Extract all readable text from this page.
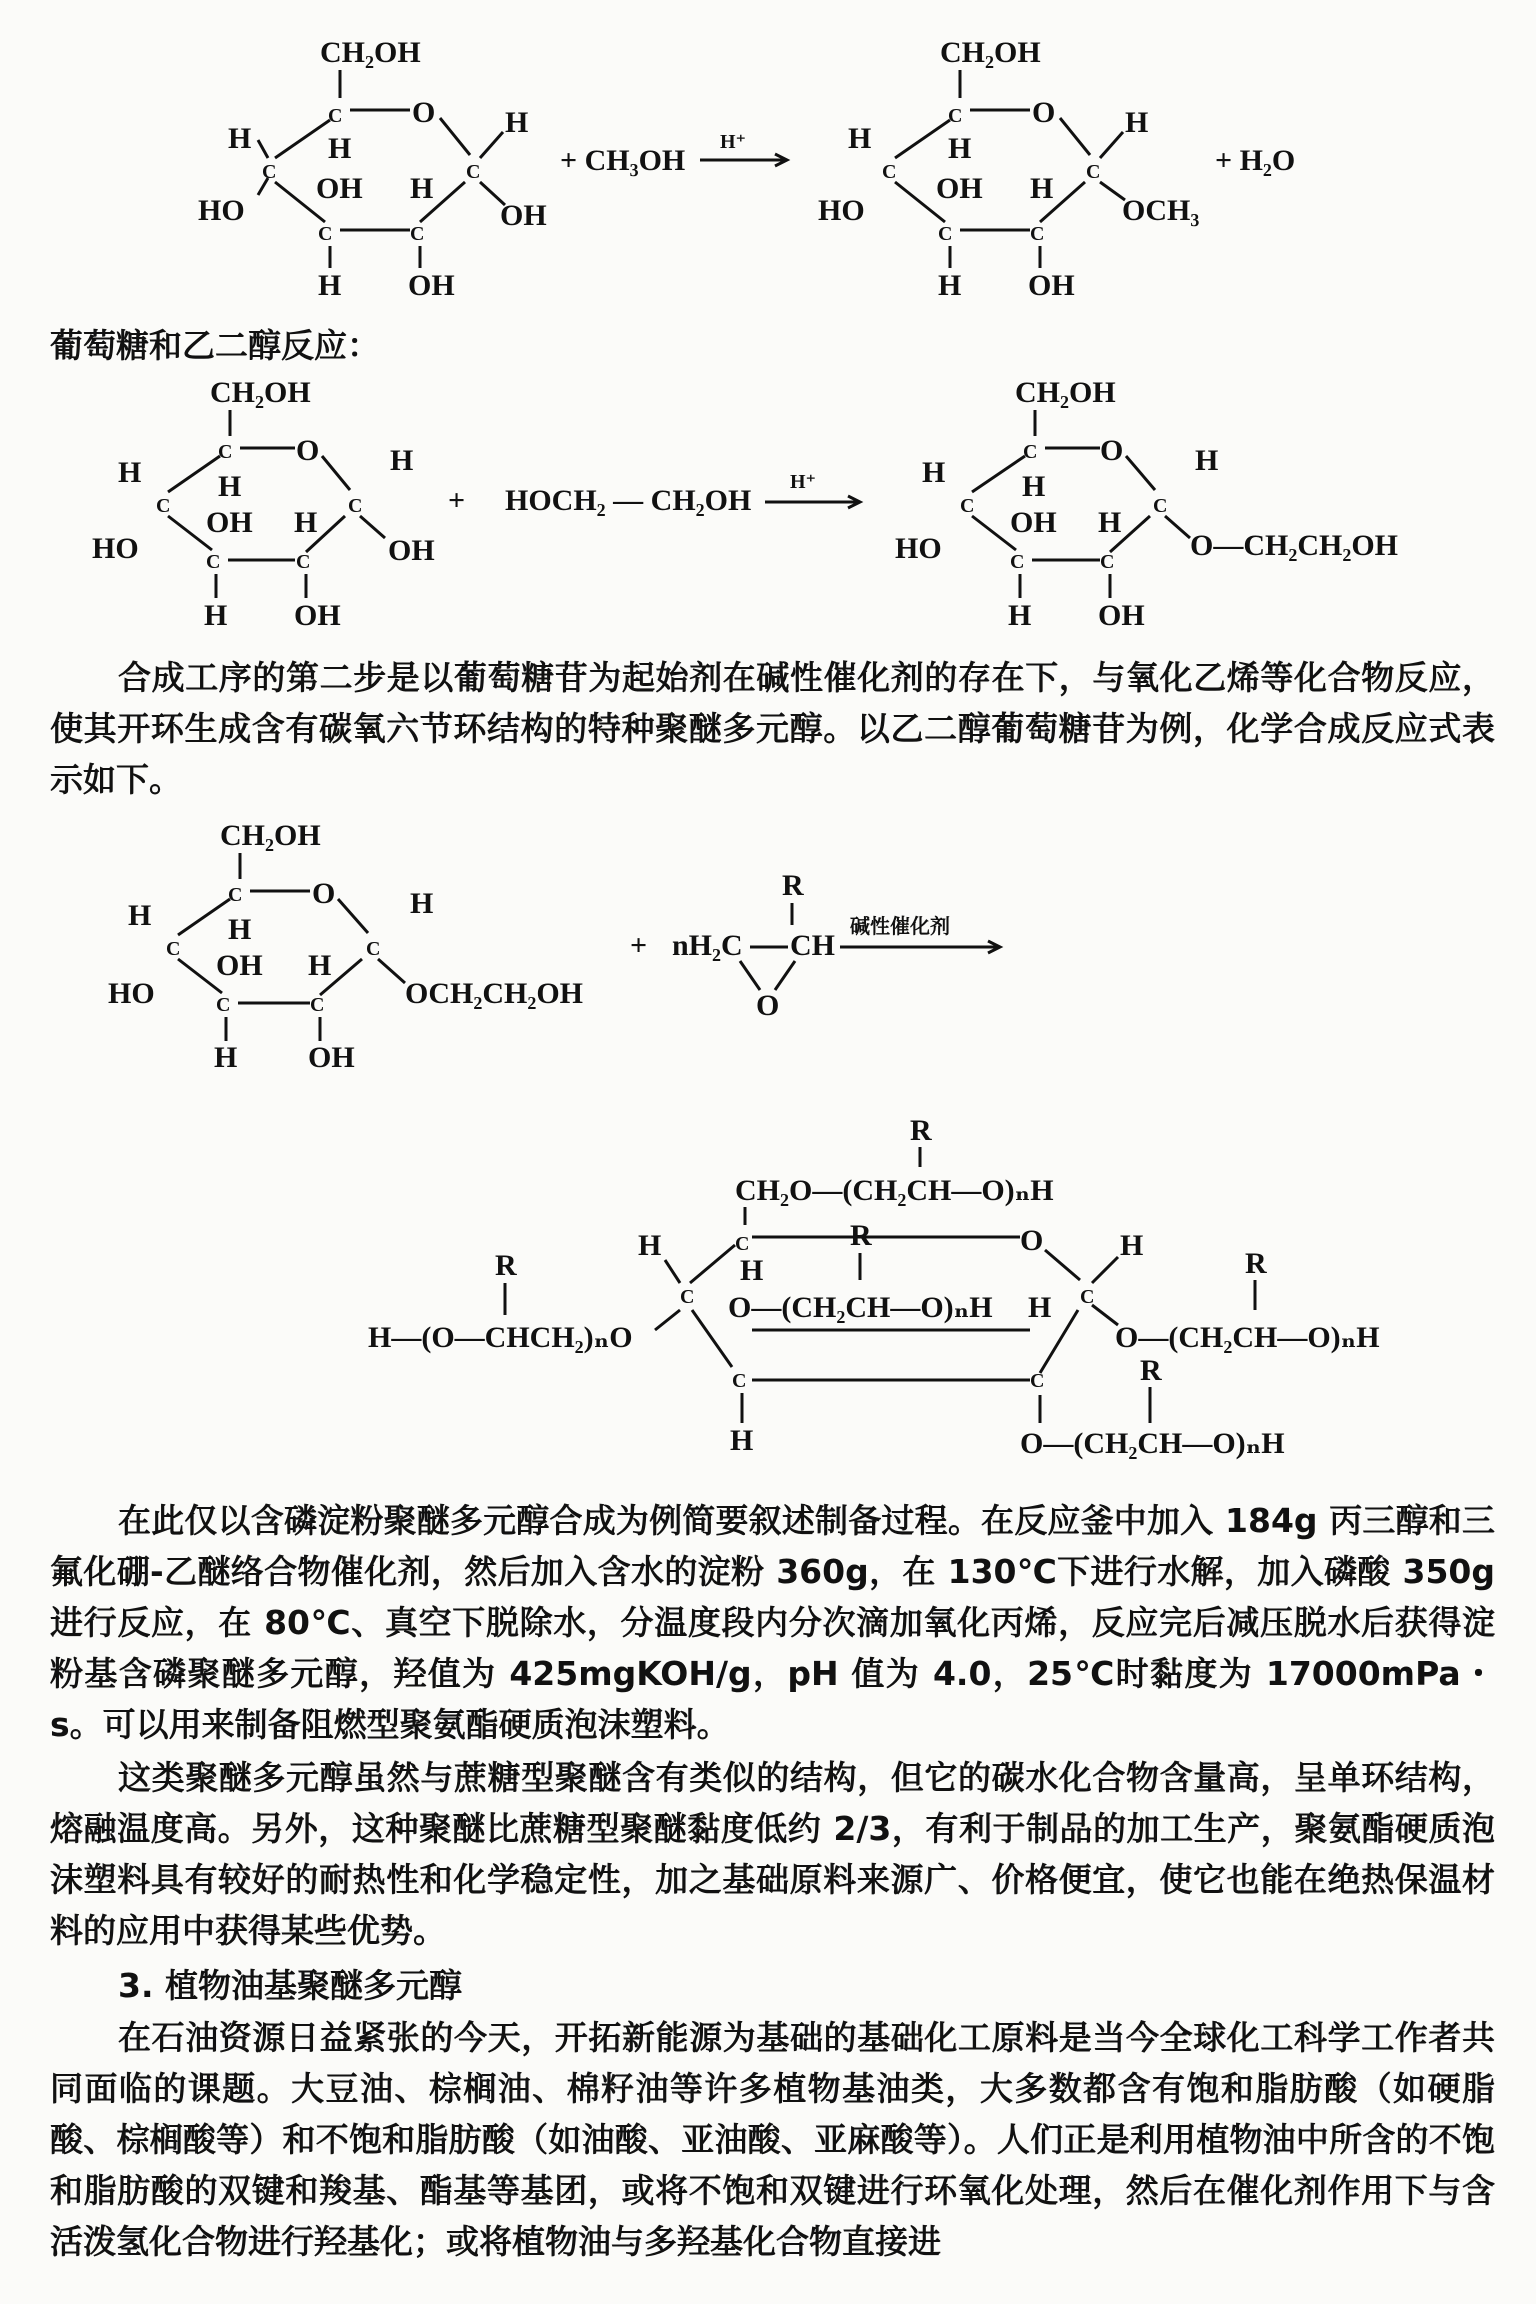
CH₂OH
C O
C
H
OH
C
H
HO
H
C
OH
H
C
H
OH
+ CH₃OH
H⁺
CH₂OH
C O
C
H
OCH₃
C
H
HO
H
C
OH
H
C
H
OH
+ H₂O

葡萄糖和乙二醇反应：

CH₂OH
C O
C
H
OH
C
H
HO
H
C
OH
H
C
H
OH
+ HOCH₂ — CH₂OH
H⁺
CH₂OH
C O
C
H
O—CH₂CH₂OH
C
H
HO
H
C
OH
H
C
H
OH

合成工序的第二步是以葡萄糖苷为起始剂在碱性催化剂的存在下，与氧化乙烯等化合物反应，使其开环生成含有碳氧六节环结构的特种聚醚多元醇。以乙二醇葡萄糖苷为例，化学合成反应式表示如下。

CH₂OH
C O
C
H
OCH₂CH₂OH
C
H
HO
H
C
OH
H
C
H
OH
+
R
nH₂C CH
O
碱性催化剂
R
CH₂O—(CH₂CH—O)ₙH
C	O
C
H
O—(CH₂CH—O)ₙH
R
C
H
H
H—(O—CHCH₂)ₙO
R
O—(CH₂CH—O)ₙH
R
C
H
C
H
O—(CH₂CH—O)ₙH
R

在此仅以含磷淀粉聚醚多元醇合成为例简要叙述制备过程。在反应釜中加入 184g 丙三醇和三氟化硼-乙醚络合物催化剂，然后加入含水的淀粉 360g，在 130℃下进行水解，加入磷酸 350g 进行反应，在 80℃、真空下脱除水，分温度段内分次滴加氧化丙烯，反应完后减压脱水后获得淀粉基含磷聚醚多元醇，羟值为 425mgKOH/g，pH 值为 4.0，25℃时黏度为 17000mPa・s。可以用来制备阻燃型聚氨酯硬质泡沫塑料。

这类聚醚多元醇虽然与蔗糖型聚醚含有类似的结构，但它的碳水化合物含量高，呈单环结构，熔融温度高。另外，这种聚醚比蔗糖型聚醚黏度低约 2/3，有利于制品的加工生产，聚氨酯硬质泡沫塑料具有较好的耐热性和化学稳定性，加之基础原料来源广、价格便宜，使它也能在绝热保温材料的应用中获得某些优势。

3. 植物油基聚醚多元醇

在石油资源日益紧张的今天，开拓新能源为基础的基础化工原料是当今全球化工科学工作者共同面临的课题。大豆油、棕榈油、棉籽油等许多植物基油类，大多数都含有饱和脂肪酸（如硬脂酸、棕榈酸等）和不饱和脂肪酸（如油酸、亚油酸、亚麻酸等）。人们正是利用植物油中所含的不饱和脂肪酸的双键和羧基、酯基等基团，或将不饱和双键进行环氧化处理，然后在催化剂作用下与含活泼氢化合物进行羟基化；或将植物油与多羟基化合物直接进
